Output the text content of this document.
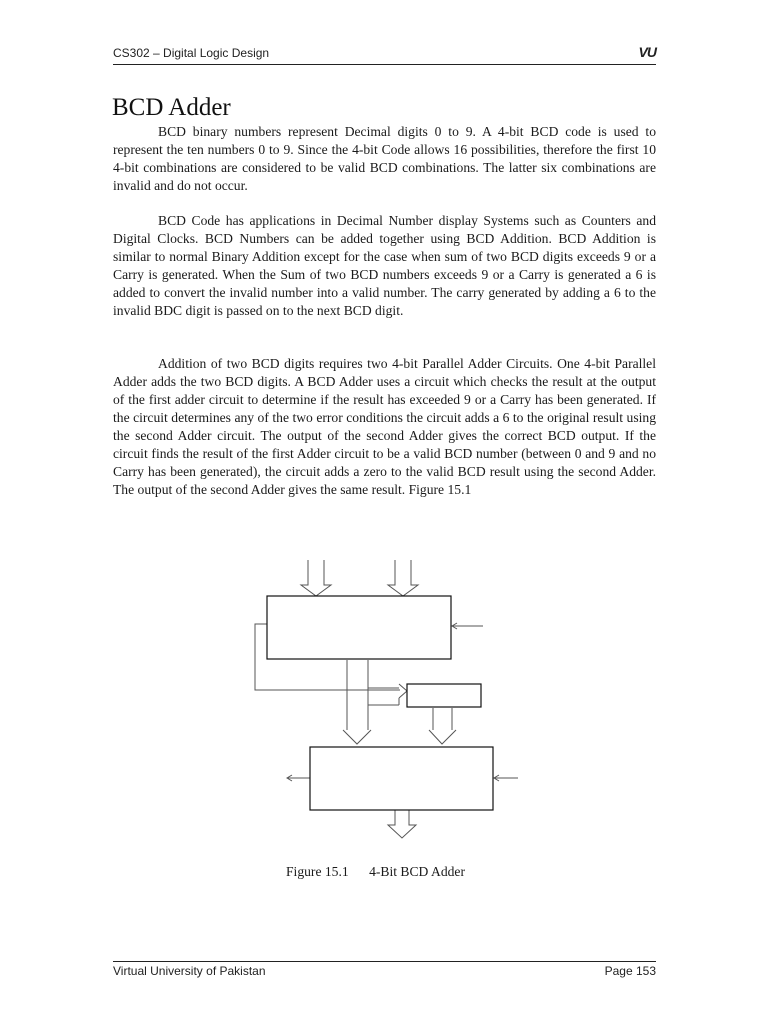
CS302 – Digital Logic Design	VU
BCD Adder

BCD binary numbers represent Decimal digits 0 to 9. A 4-bit BCD code is used to represent the ten numbers 0 to 9. Since the 4-bit Code allows 16 possibilities, therefore the first 10 4-bit combinations are considered to be valid BCD combinations. The latter six combinations are invalid and do not occur.

BCD Code has applications in Decimal Number display Systems such as Counters and Digital Clocks. BCD Numbers can be added together using BCD Addition. BCD Addition is similar to normal Binary Addition except for the case when sum of two BCD digits exceeds 9 or a Carry is generated. When the Sum of two BCD numbers exceeds 9 or a Carry is generated a 6 is added to convert the invalid number into a valid number. The carry generated by adding a 6 to the invalid BDC digit is passed on to the next BCD digit.

Addition of two BCD digits requires two 4-bit Parallel Adder Circuits. One 4-bit Parallel Adder adds the two BCD digits. A BCD Adder uses a circuit which checks the result at the output of the first adder circuit to determine if the result has exceeded 9 or a Carry has been generated. If the circuit determines any of the two error conditions the circuit adds a 6 to the original result using the second Adder circuit. The output of the second Adder gives the correct BCD output. If the circuit finds the result of the first Adder circuit to be a valid BCD number (between 0 and 9 and no Carry has been generated), the circuit adds a zero to the valid BCD result using the second Adder. The output of the second Adder gives the same result. Figure 15.1

Figure 15.1      4-Bit BCD Adder
Virtual University of Pakistan	Page 153
